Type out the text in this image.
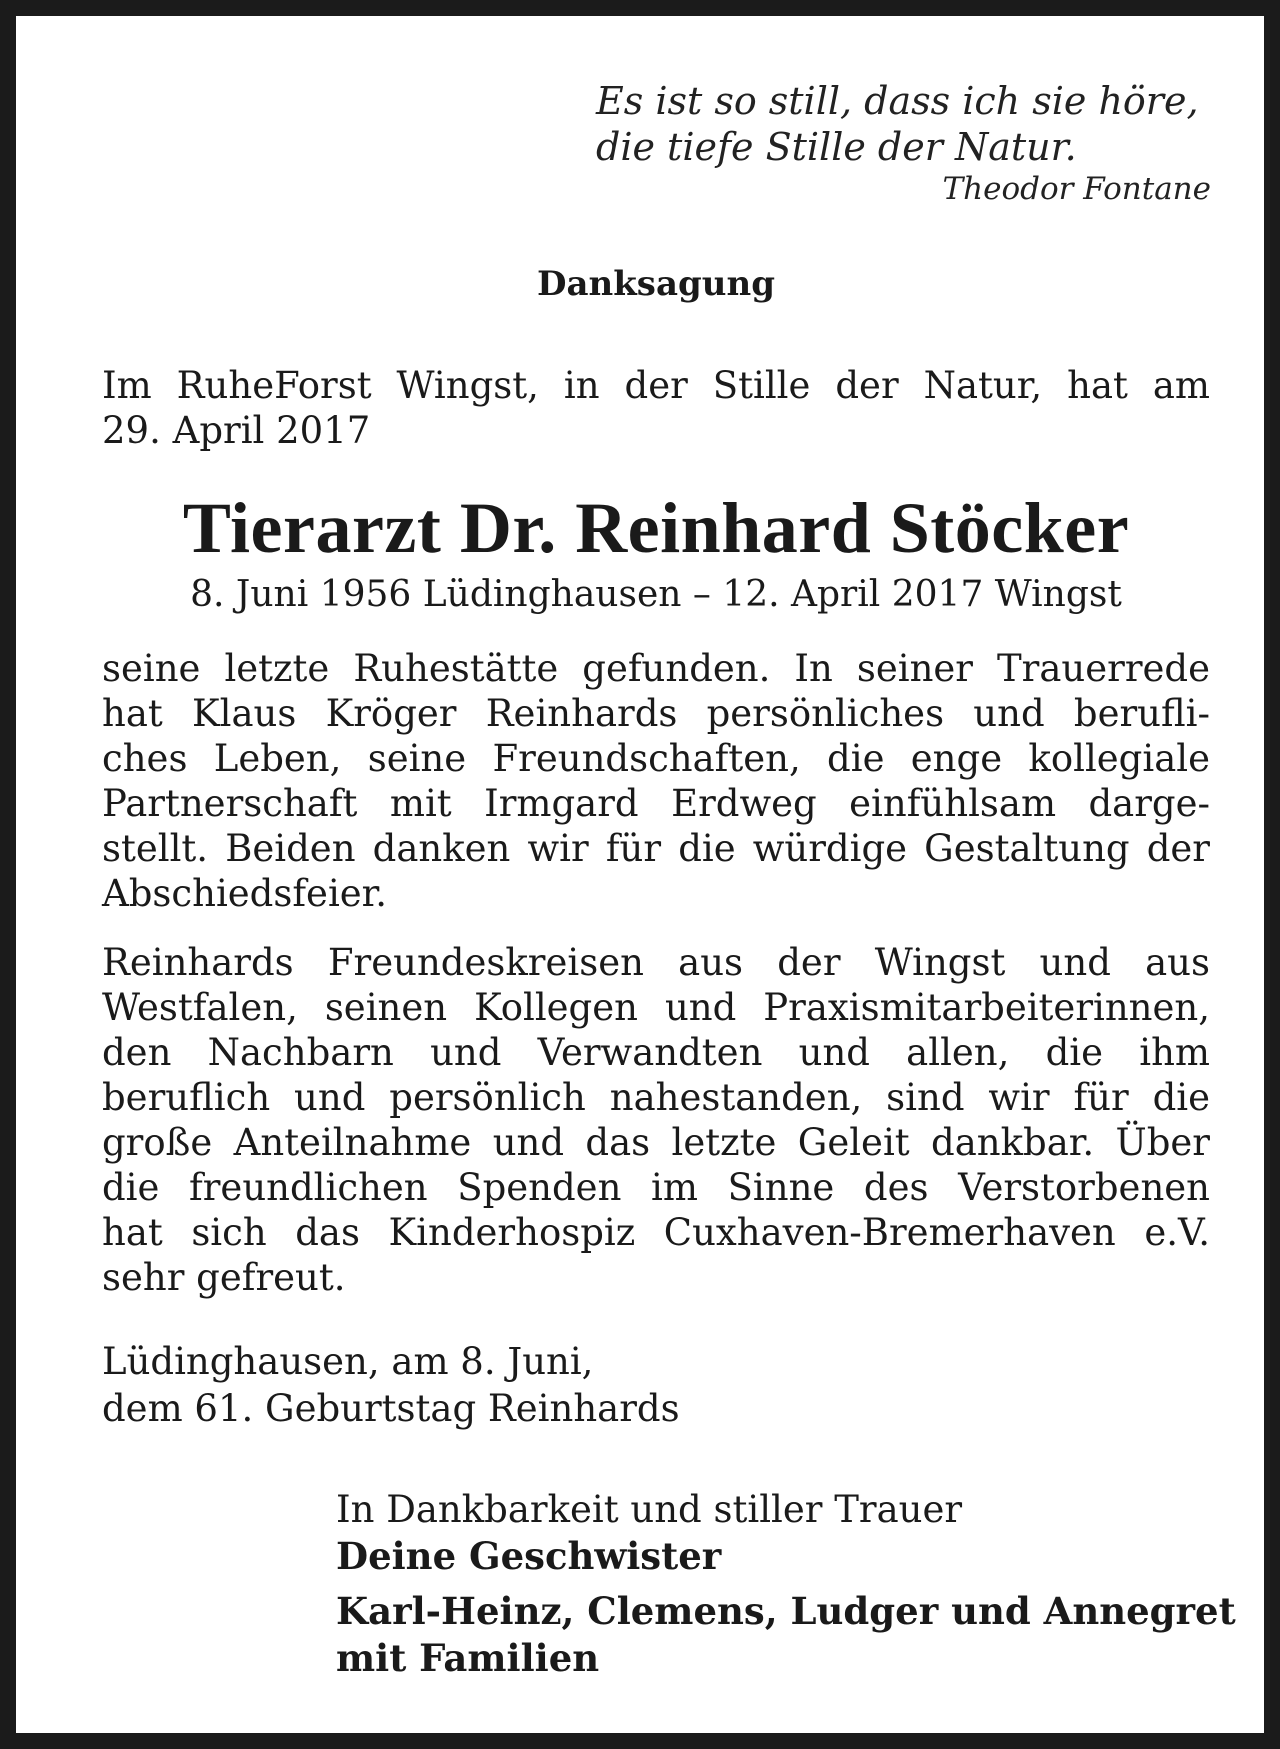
Es ist so still, dass ich sie höre,
die tiefe Stille der Natur.
Theodor Fontane
Danksagung
Im RuheForst Wingst, in der Stille der Natur, hat am
29. April 2017
Tierarzt Dr. Reinhard Stöcker
8. Juni 1956 Lüdinghausen – 12. April 2017 Wingst
seine letzte Ruhestätte gefunden. In seiner Trauerrede
hat Klaus Kröger Reinhards persönliches und berufli-
ches Leben, seine Freundschaften, die enge kollegiale
Partnerschaft mit Irmgard Erdweg einfühlsam darge-
stellt. Beiden danken wir für die würdige Gestaltung der
Abschiedsfeier.
Reinhards Freundeskreisen aus der Wingst und aus
Westfalen, seinen Kollegen und Praxismitarbeiterinnen,
den Nachbarn und Verwandten und allen, die ihm
beruflich und persönlich nahestanden, sind wir für die
große Anteilnahme und das letzte Geleit dankbar. Über
die freundlichen Spenden im Sinne des Verstorbenen
hat sich das Kinderhospiz Cuxhaven-Bremerhaven e.V.
sehr gefreut.
Lüdinghausen, am 8. Juni,
dem 61. Geburtstag Reinhards
In Dankbarkeit und stiller Trauer
Deine Geschwister
Karl-Heinz, Clemens, Ludger und Annegret
mit Familien
